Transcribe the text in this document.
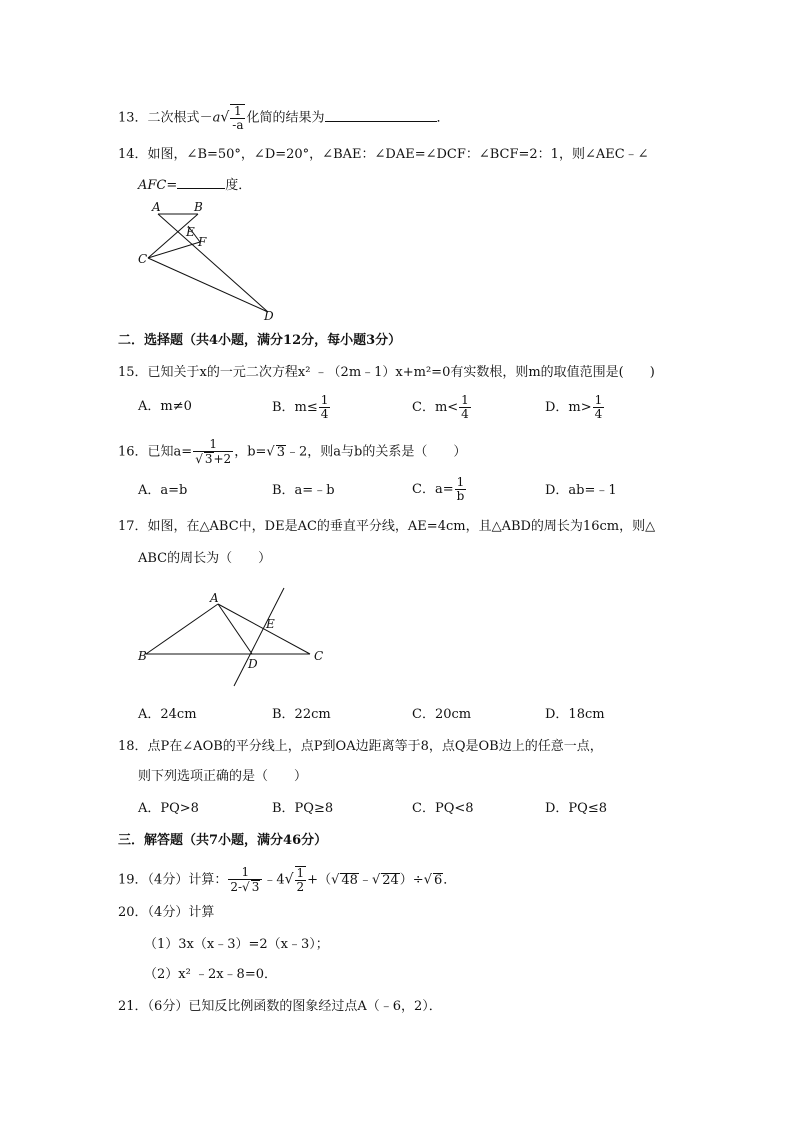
13．二次根式$-a√ \frac{1}{-a}$ 化简的结果为	．
14．如图，∠B=50°，∠D=20°，∠BAE：∠DAE=∠DCF：∠BCF=2：1，则∠AEC﹣∠
AFC=	度．
A	B
E
F
C
D
二．选择题（共4小题，满分12分，每小题3分）
15．已知关于x的一元二次方程x² ﹣（2m﹣1）x+m²=0有实数根，则m的取值范围是(　　)
A．m≠0	B．$m\le \frac{1}{4}$	C．$m< \frac{1}{4}$	D．$m> \frac{1}{4}$
16．已知$a= \frac{1}{√ 3+2}$ ，b=√ 3﹣2，则a与b的关系是（　　）
A．a=b	B．a=﹣b	C．$a= \frac{1}{b}$	D．ab=﹣1
17．如图，在△ABC中，DE是AC的垂直平分线，AE=4cm，且△ABD的周长为16cm，则△
ABC的周长为（　　）
A
B	C
D
E
A．24cm	B．22cm	C．20cm	D．18cm
18．点P在∠AOB的平分线上，点P到OA边距离等于8，点Q是OB边上的任意一点，
则下列选项正确的是（　　）
A．PQ>8	B．PQ≥8	C．PQ<8	D．PQ≤8
三．解答题（共7小题，满分46分）
19．（4分）计算： $\frac{1}{2-√ 3}$ ﹣4√ $\frac{1}{2}$ +（√ 48﹣√ 24）÷√ 6．
20．（4分）计算
（1）3x（x﹣3）=2（x﹣3）；
（2）x² ﹣2x﹣8=0．
21．（6分）已知反比例函数的图象经过点A（﹣6，2）．
